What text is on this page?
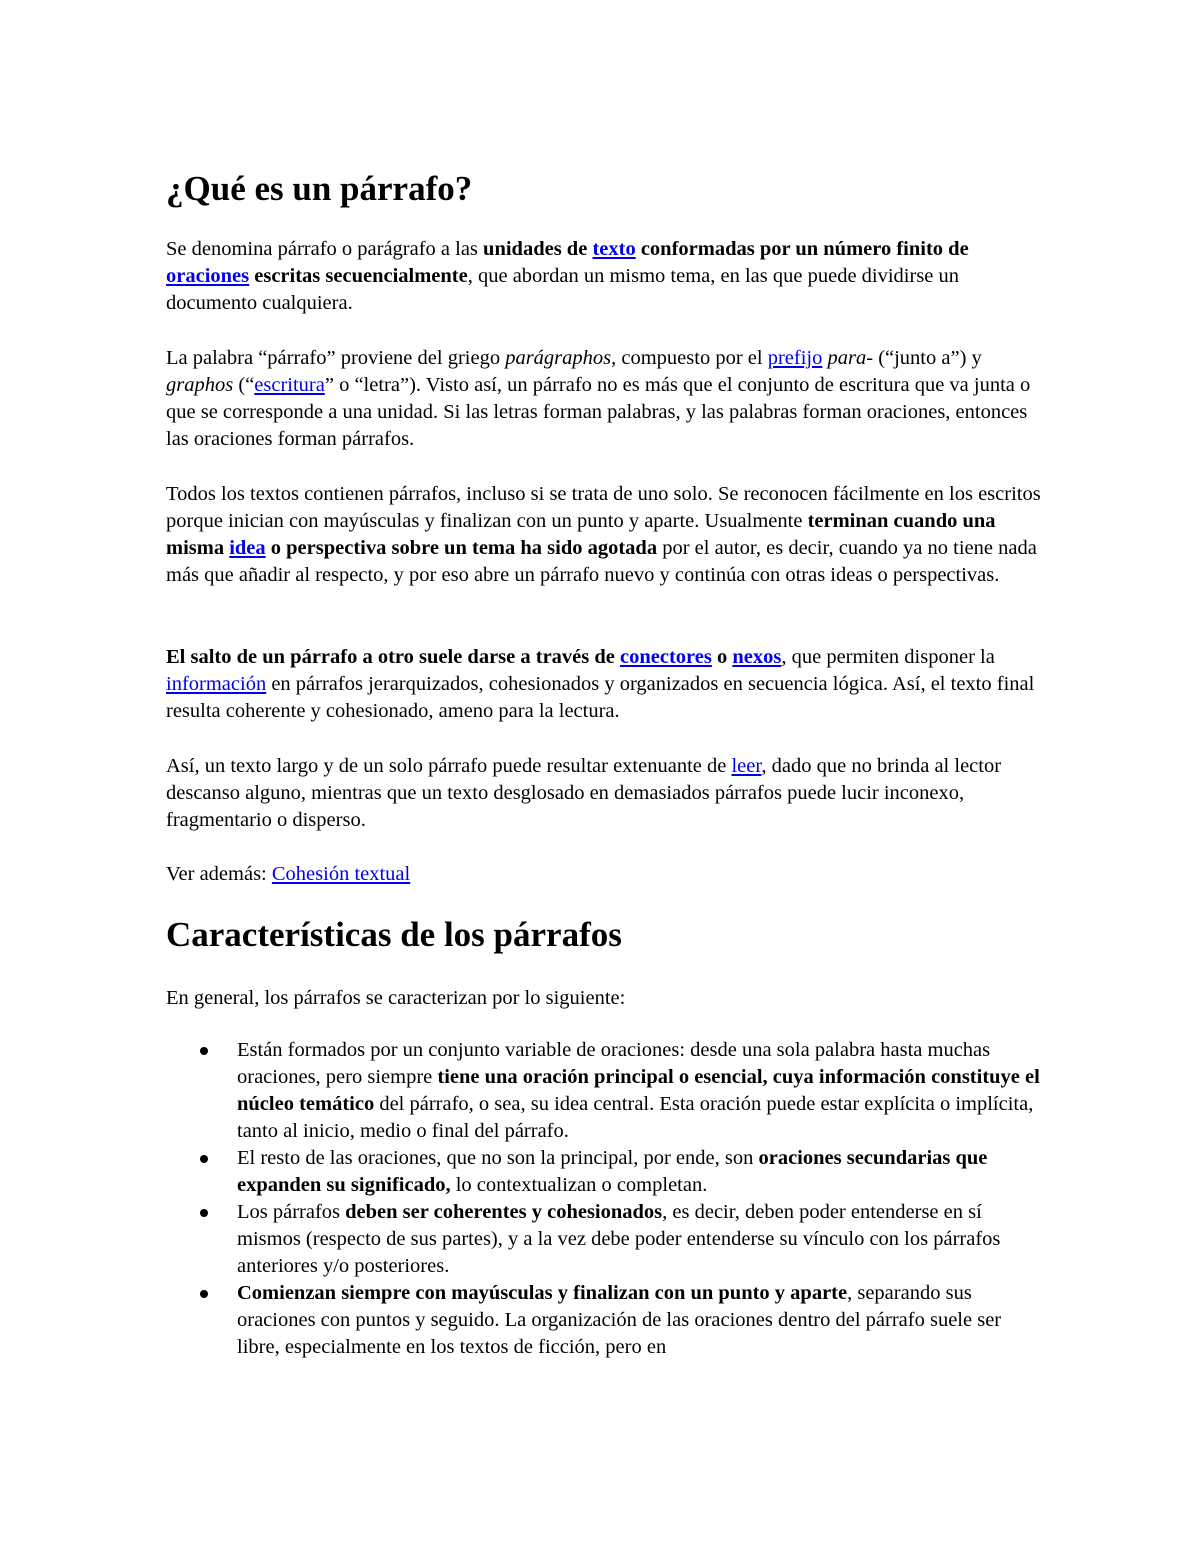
¿Qué es un párrafo?

Se denomina párrafo o parágrafo a las unidades de texto conformadas por un número finito de oraciones escritas secuencialmente, que abordan un mismo tema, en las que puede dividirse un documento cualquiera.

La palabra “párrafo” proviene del griego parágraphos, compuesto por el prefijo para- (“junto a”) y graphos (“escritura” o “letra”). Visto así, un párrafo no es más que el conjunto de escritura que va junta o que se corresponde a una unidad. Si las letras forman palabras, y las palabras forman oraciones, entonces las oraciones forman párrafos.

Todos los textos contienen párrafos, incluso si se trata de uno solo. Se reconocen fácilmente en los escritos porque inician con mayúsculas y finalizan con un punto y aparte. Usualmente terminan cuando una misma idea o perspectiva sobre un tema ha sido agotada por el autor, es decir, cuando ya no tiene nada más que añadir al respecto, y por eso abre un párrafo nuevo y continúa con otras ideas o perspectivas.

El salto de un párrafo a otro suele darse a través de conectores o nexos, que permiten disponer la información en párrafos jerarquizados, cohesionados y organizados en secuencia lógica. Así, el texto final resulta coherente y cohesionado, ameno para la lectura.

Así, un texto largo y de un solo párrafo puede resultar extenuante de leer, dado que no brinda al lector descanso alguno, mientras que un texto desglosado en demasiados párrafos puede lucir inconexo, fragmentario o disperso.

Ver además: Cohesión textual

Características de los párrafos

En general, los párrafos se caracterizan por lo siguiente:

Están formados por un conjunto variable de oraciones: desde una sola palabra hasta muchas oraciones, pero siempre tiene una oración principal o esencial, cuya información constituye el núcleo temático del párrafo, o sea, su idea central. Esta oración puede estar explícita o implícita, tanto al inicio, medio o final del párrafo.
El resto de las oraciones, que no son la principal, por ende, son oraciones secundarias que expanden su significado, lo contextualizan o completan.
Los párrafos deben ser coherentes y cohesionados, es decir, deben poder entenderse en sí mismos (respecto de sus partes), y a la vez debe poder entenderse su vínculo con los párrafos anteriores y/o posteriores.
Comienzan siempre con mayúsculas y finalizan con un punto y aparte, separando sus oraciones con puntos y seguido. La organización de las oraciones dentro del párrafo suele ser libre, especialmente en los textos de ficción, pero en
